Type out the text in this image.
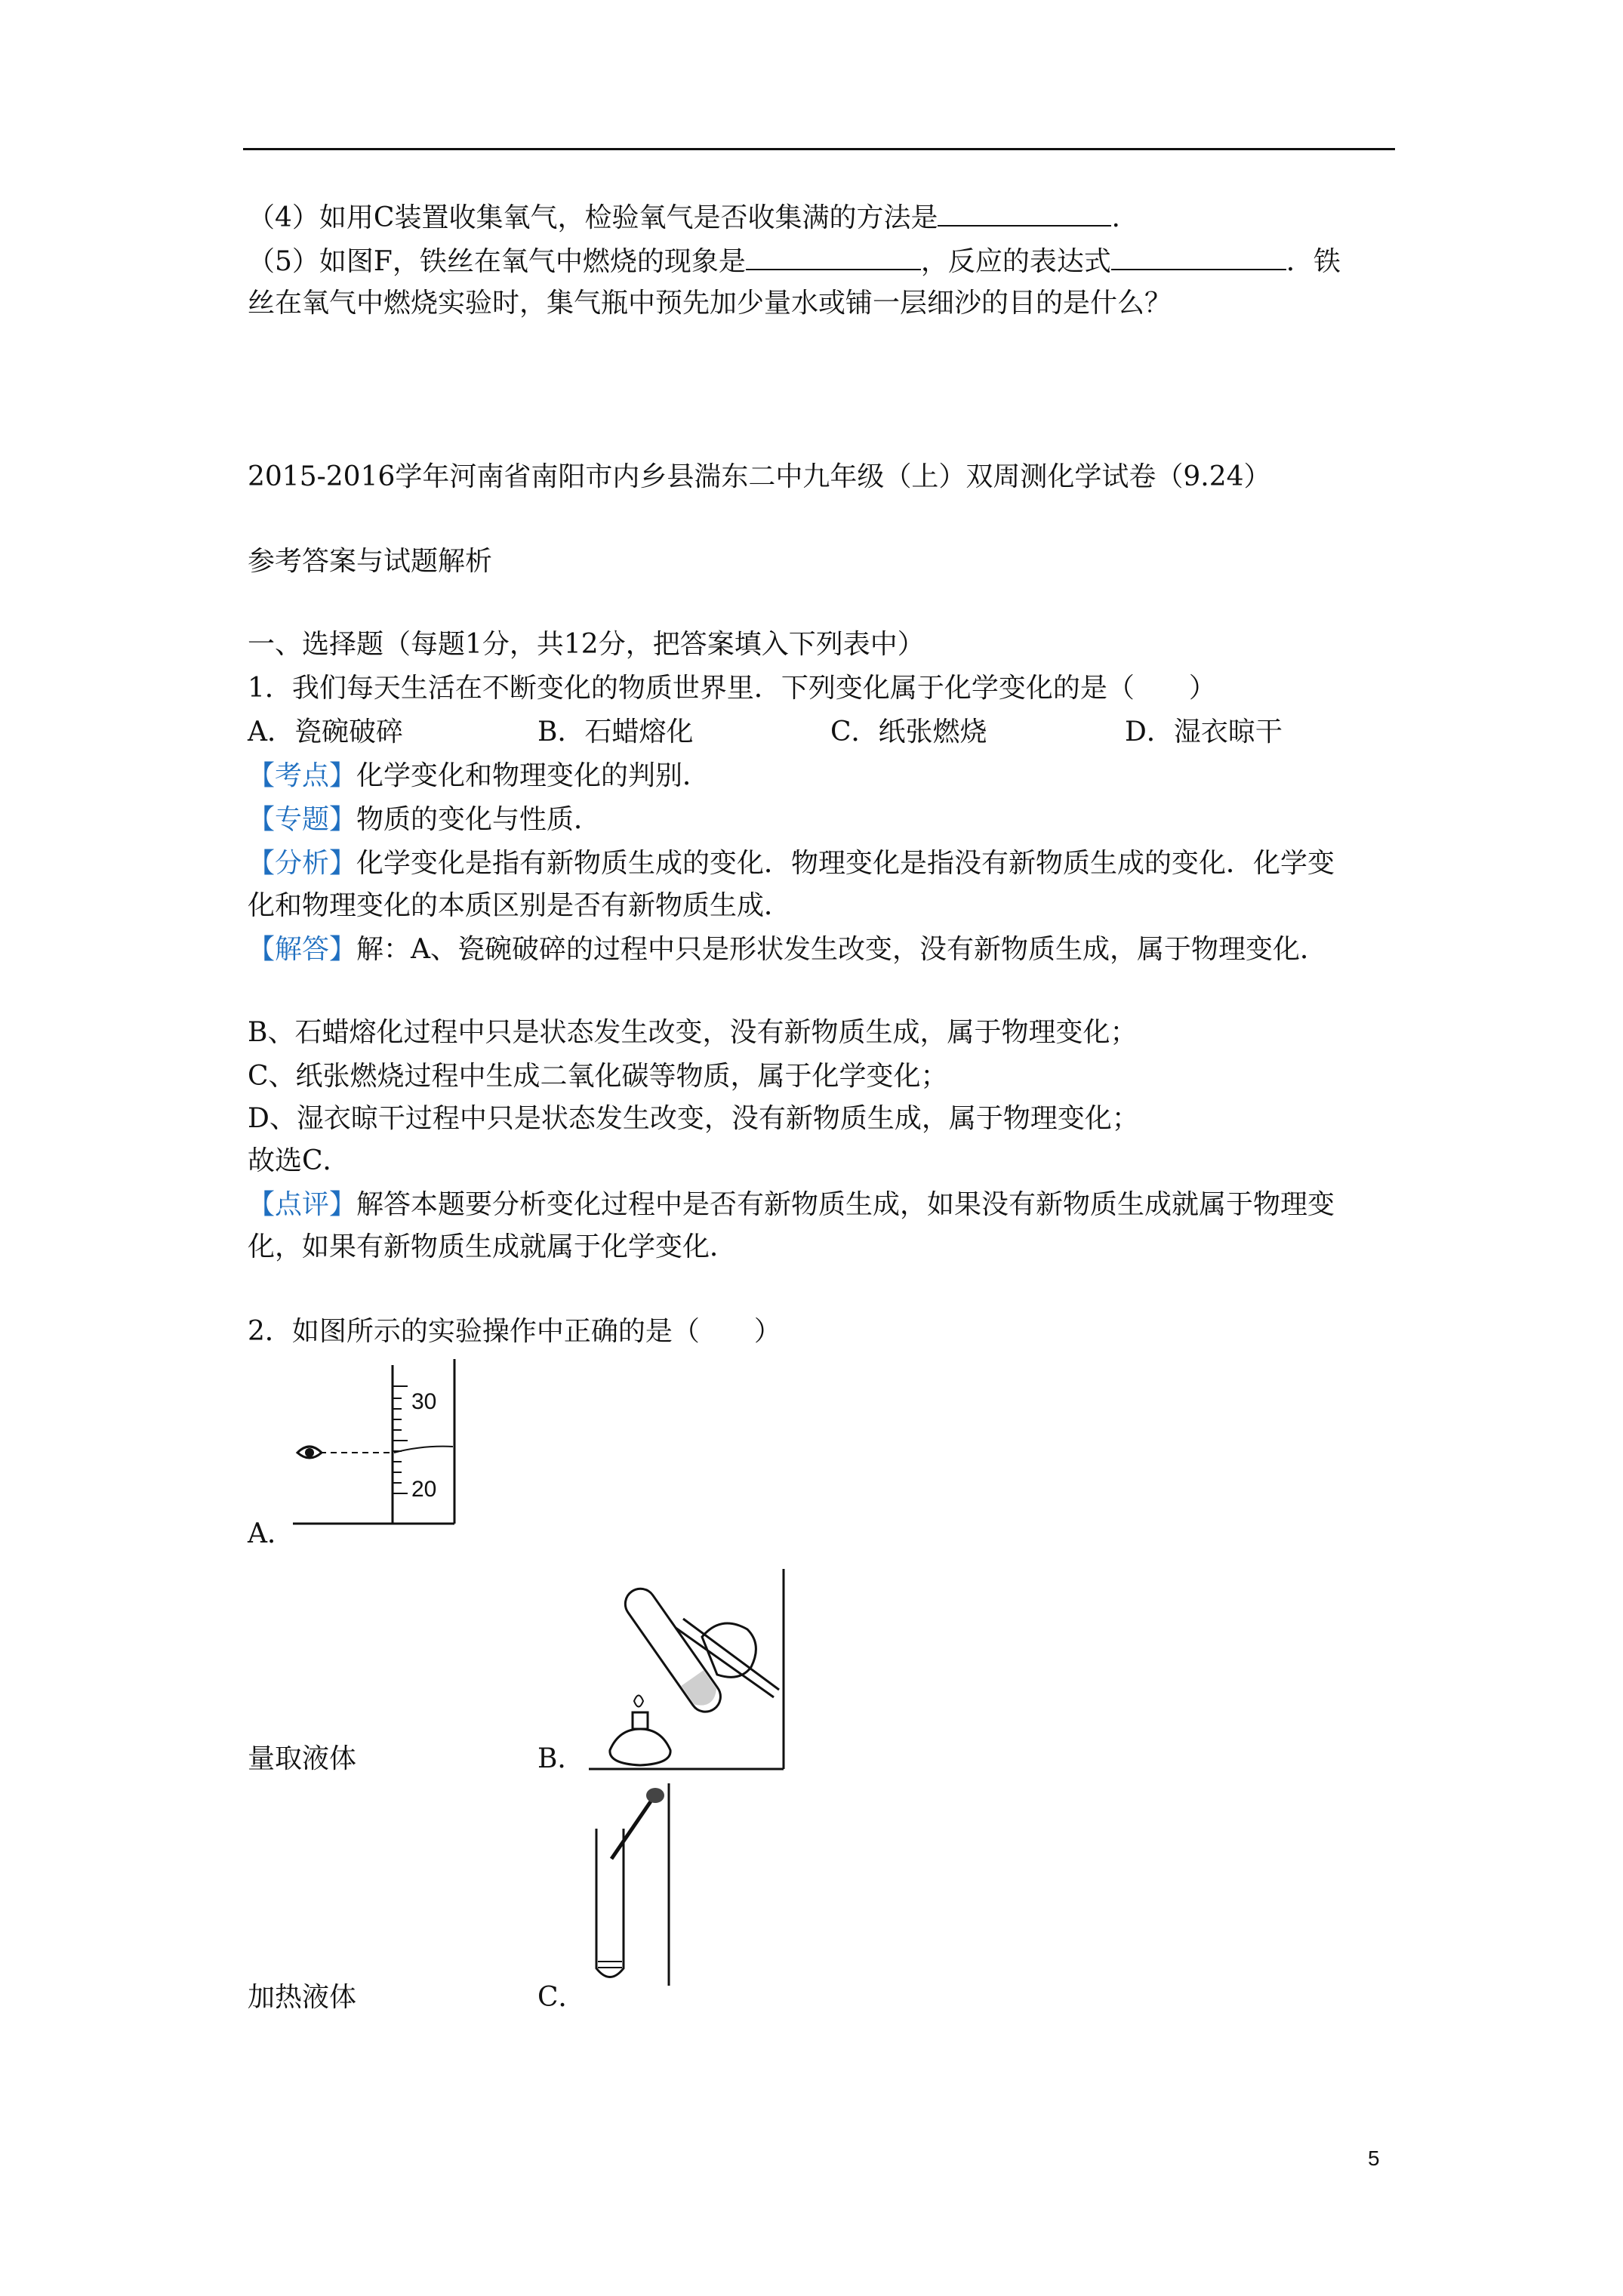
（4）如用C装置收集氧气，检验氧气是否收集满的方法是	.
（5）如图F，铁丝在氧气中燃烧的现象是	，反应的表达式	．铁
丝在氧气中燃烧实验时，集气瓶中预先加少量水或铺一层细沙的目的是什么？
2015-2016学年河南省南阳市内乡县湍东二中九年级（上）双周测化学试卷（9.24）
参考答案与试题解析
一、选择题（每题1分，共12分，把答案填入下列表中）
1．我们每天生活在不断变化的物质世界里．下列变化属于化学变化的是（　　）
A．瓷碗破碎	B．石蜡熔化	C．纸张燃烧	D．湿衣晾干
【考点】化学变化和物理变化的判别．
【专题】物质的变化与性质．
【分析】化学变化是指有新物质生成的变化．物理变化是指没有新物质生成的变化．化学变
化和物理变化的本质区别是否有新物质生成．
【解答】解：A、瓷碗破碎的过程中只是形状发生改变，没有新物质生成，属于物理变化．
B、石蜡熔化过程中只是状态发生改变，没有新物质生成，属于物理变化；
C、纸张燃烧过程中生成二氧化碳等物质，属于化学变化；
D、湿衣晾干过程中只是状态发生改变，没有新物质生成，属于物理变化；
故选C．
【点评】解答本题要分析变化过程中是否有新物质生成，如果没有新物质生成就属于物理变
化，如果有新物质生成就属于化学变化．
2．如图所示的实验操作中正确的是（　　）
30
20
A．
量取液体	B．
加热液体	C．
5
